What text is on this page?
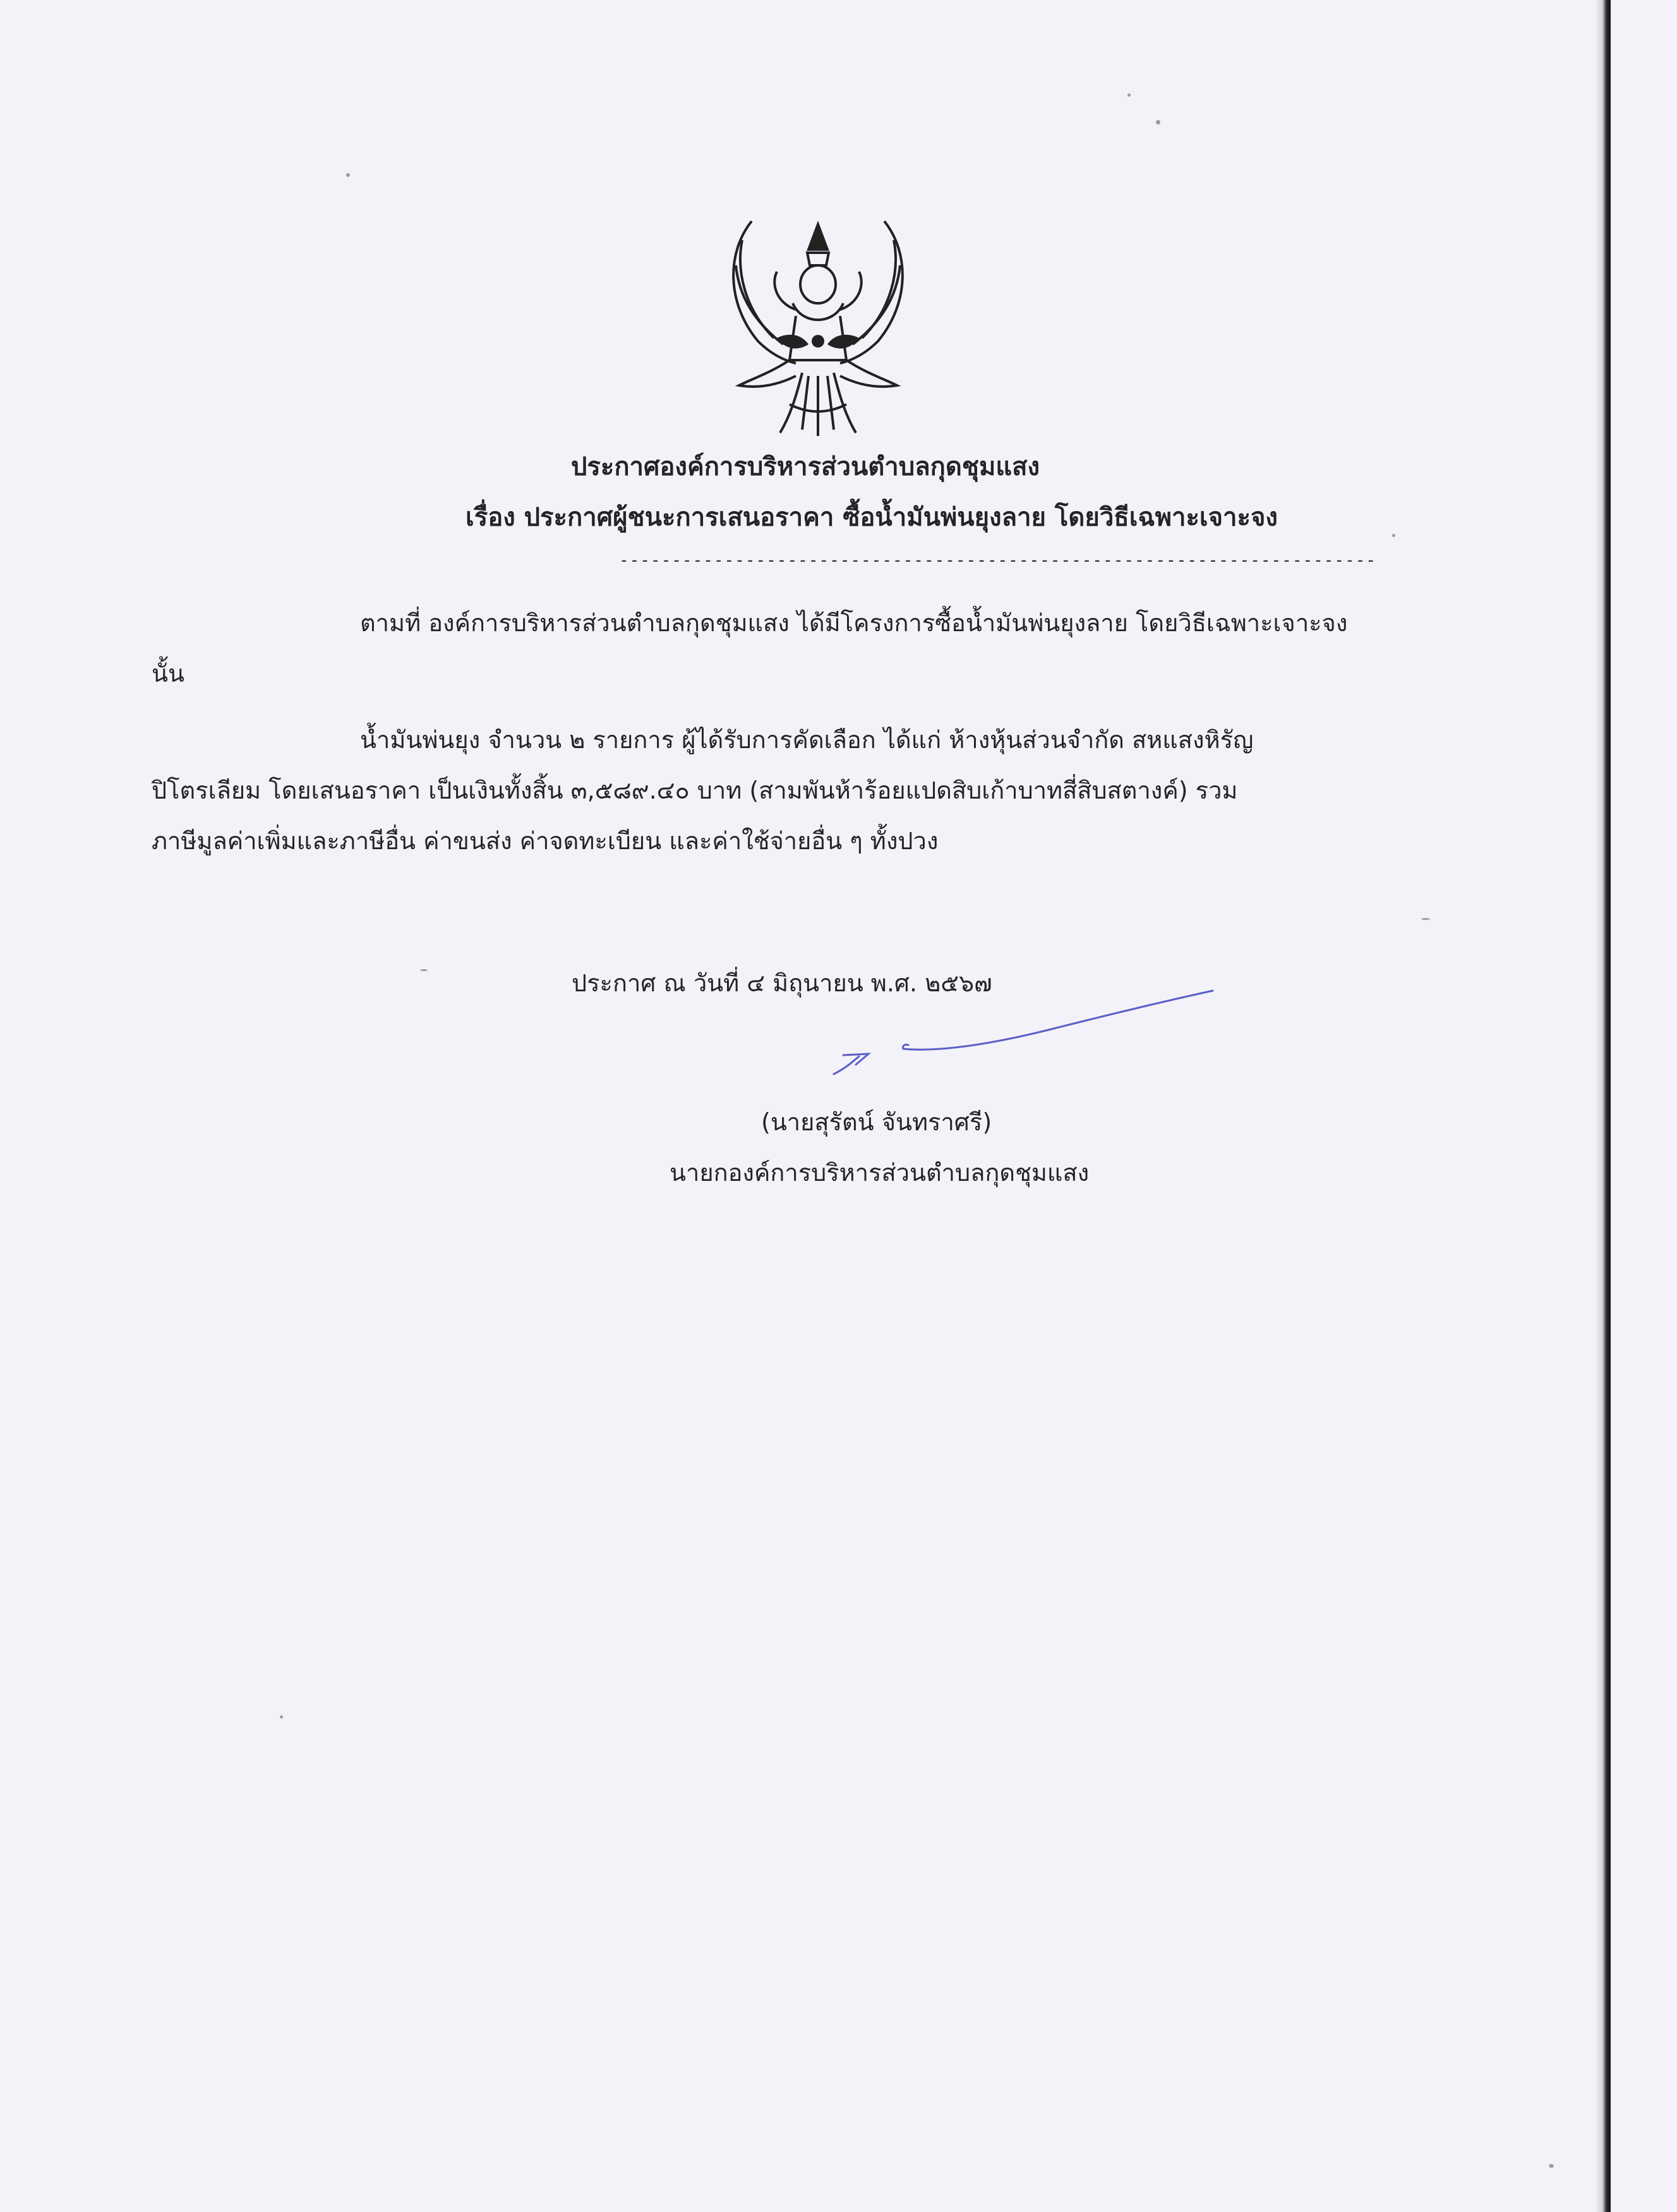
ประกาศองค์การบริหารส่วนตำบลกุดชุมแสง
เรื่อง ประกาศผู้ชนะการเสนอราคา ซื้อน้ำมันพ่นยุงลาย โดยวิธีเฉพาะเจาะจง
------------------------------------------------------------------------
ตามที่ องค์การบริหารส่วนตำบลกุดชุมแสง ได้มีโครงการซื้อน้ำมันพ่นยุงลาย โดยวิธีเฉพาะเจาะจง
นั้น
น้ำมันพ่นยุง จำนวน ๒ รายการ ผู้ได้รับการคัดเลือก ได้แก่ ห้างหุ้นส่วนจำกัด สหแสงหิรัญ
ปิโตรเลียม โดยเสนอราคา เป็นเงินทั้งสิ้น ๓,๕๘๙.๔๐ บาท (สามพันห้าร้อยแปดสิบเก้าบาทสี่สิบสตางค์) รวม
ภาษีมูลค่าเพิ่มและภาษีอื่น ค่าขนส่ง ค่าจดทะเบียน และค่าใช้จ่ายอื่น ๆ ทั้งปวง
ประกาศ ณ วันที่ ๔ มิถุนายน พ.ศ. ๒๕๖๗
(นายสุรัตน์ จันทราศรี)
นายกองค์การบริหารส่วนตำบลกุดชุมแสง
